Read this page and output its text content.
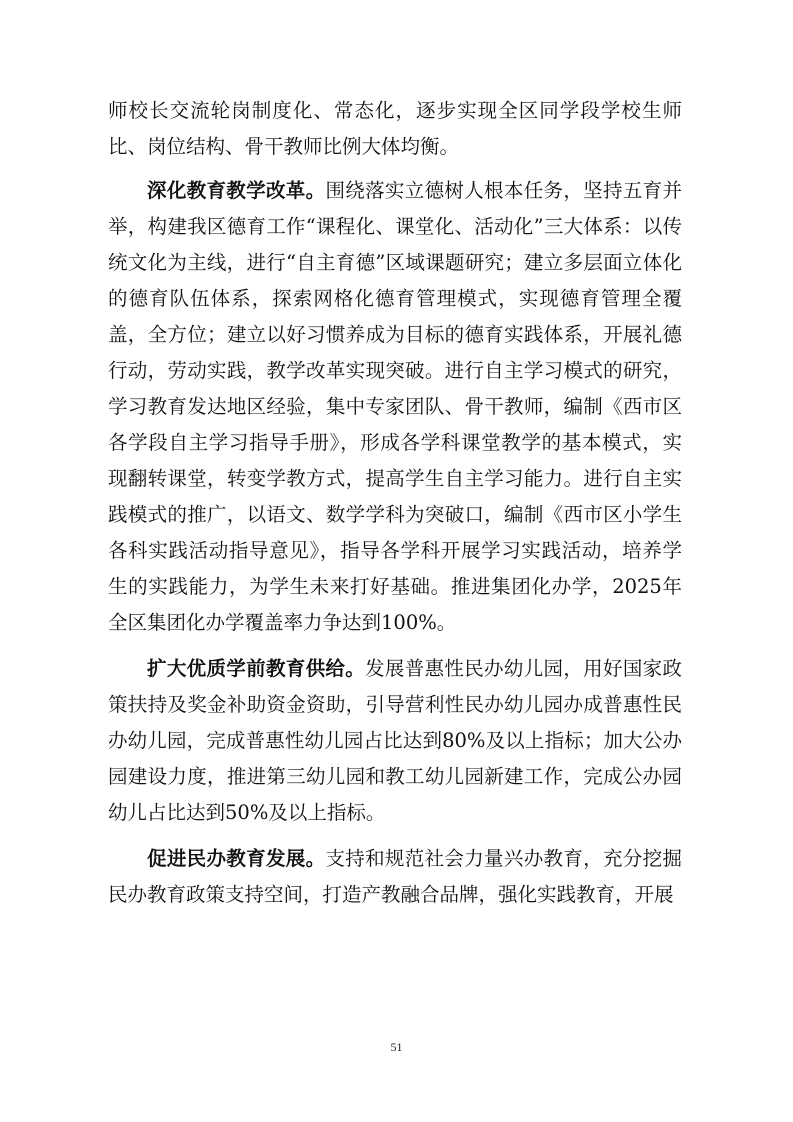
师校长交流轮岗制度化、常态化，逐步实现全区同学段学校生师比、岗位结构、骨干教师比例大体均衡。

深化教育教学改革。围绕落实立德树人根本任务，坚持五育并举，构建我区德育工作“课程化、课堂化、活动化”三大体系：以传统文化为主线，进行“自主育德”区域课题研究；建立多层面立体化的德育队伍体系，探索网格化德育管理模式，实现德育管理全覆盖，全方位；建立以好习惯养成为目标的德育实践体系，开展礼德行动，劳动实践，教学改革实现突破。进行自主学习模式的研究，学习教育发达地区经验，集中专家团队、骨干教师，编制《西市区各学段自主学习指导手册》，形成各学科课堂教学的基本模式，实现翻转课堂，转变学教方式，提高学生自主学习能力。进行自主实践模式的推广，以语文、数学学科为突破口，编制《西市区小学生各科实践活动指导意见》，指导各学科开展学习实践活动，培养学生的实践能力，为学生未来打好基础。推进集团化办学，2025年全区集团化办学覆盖率力争达到100%。

扩大优质学前教育供给。发展普惠性民办幼儿园，用好国家政策扶持及奖金补助资金资助，引导营利性民办幼儿园办成普惠性民办幼儿园，完成普惠性幼儿园占比达到80%及以上指标；加大公办园建设力度，推进第三幼儿园和教工幼儿园新建工作，完成公办园幼儿占比达到50%及以上指标。

促进民办教育发展。支持和规范社会力量兴办教育，充分挖掘民办教育政策支持空间，打造产教融合品牌，强化实践教育，开展

51
